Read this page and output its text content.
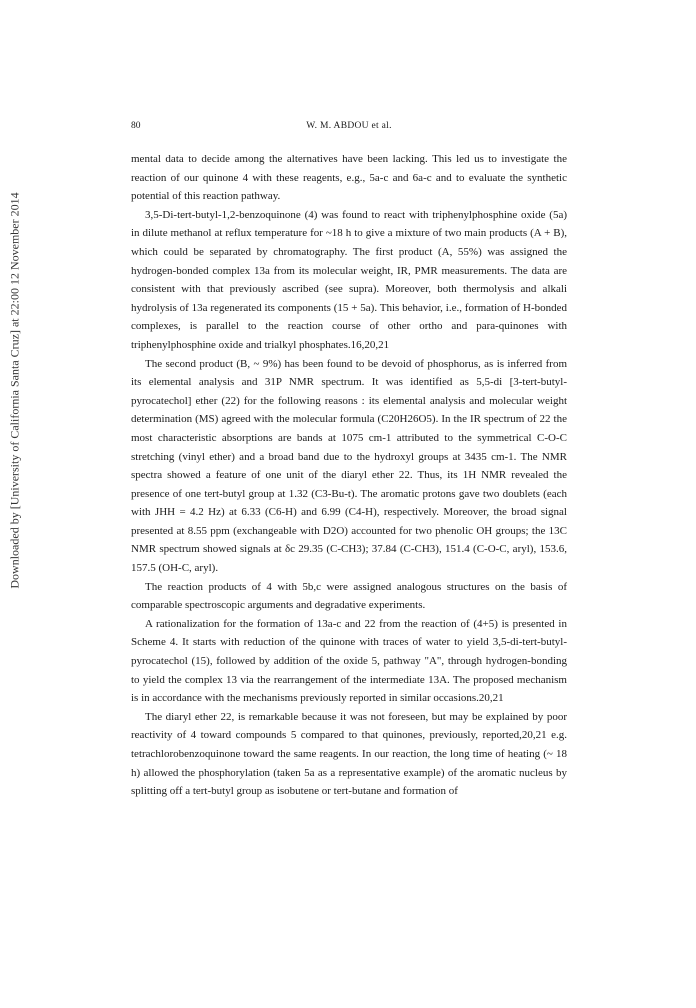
Downloaded by [University of California Santa Cruz] at 22:00 12 November 2014
80	W. M. ABDOU et al.

mental data to decide among the alternatives have been lacking. This led us to investigate the reaction of our quinone 4 with these reagents, e.g., 5a-c and 6a-c and to evaluate the synthetic potential of this reaction pathway.

3,5-Di-tert-butyl-1,2-benzoquinone (4) was found to react with triphenylphosphine oxide (5a) in dilute methanol at reflux temperature for ~18 h to give a mixture of two main products (A + B), which could be separated by chromatography. The first product (A, 55%) was assigned the hydrogen-bonded complex 13a from its molecular weight, IR, PMR measurements. The data are consistent with that previously ascribed (see supra). Moreover, both thermolysis and alkali hydrolysis of 13a regenerated its components (15 + 5a). This behavior, i.e., formation of H-bonded complexes, is parallel to the reaction course of other ortho and para-quinones with triphenylphosphine oxide and trialkyl phosphates.16,20,21

The second product (B, ~ 9%) has been found to be devoid of phosphorus, as is inferred from its elemental analysis and 31P NMR spectrum. It was identified as 5,5-di [3-tert-butyl-pyrocatechol] ether (22) for the following reasons : its elemental analysis and molecular weight determination (MS) agreed with the molecular formula (C20H26O5). In the IR spectrum of 22 the most characteristic absorptions are bands at 1075 cm-1 attributed to the symmetrical C-O-C stretching (vinyl ether) and a broad band due to the hydroxyl groups at 3435 cm-1. The NMR spectra showed a feature of one unit of the diaryl ether 22. Thus, its 1H NMR revealed the presence of one tert-butyl group at 1.32 (C3-Bu-t). The aromatic protons gave two doublets (each with JHH = 4.2 Hz) at 6.33 (C6-H) and 6.99 (C4-H), respectively. Moreover, the broad signal presented at 8.55 ppm (exchangeable with D2O) accounted for two phenolic OH groups; the 13C NMR spectrum showed signals at δc 29.35 (C-CH3); 37.84 (C-CH3), 151.4 (C-O-C, aryl), 153.6, 157.5 (OH-C, aryl).

The reaction products of 4 with 5b,c were assigned analogous structures on the basis of comparable spectroscopic arguments and degradative experiments.

A rationalization for the formation of 13a-c and 22 from the reaction of (4+5) is presented in Scheme 4. It starts with reduction of the quinone with traces of water to yield 3,5-di-tert-butyl-pyrocatechol (15), followed by addition of the oxide 5, pathway "A", through hydrogen-bonding to yield the complex 13 via the rearrangement of the intermediate 13A. The proposed mechanism is in accordance with the mechanisms previously reported in similar occasions.20,21

The diaryl ether 22, is remarkable because it was not foreseen, but may be explained by poor reactivity of 4 toward compounds 5 compared to that quinones, previously, reported,20,21 e.g. tetrachlorobenzoquinone toward the same reagents. In our reaction, the long time of heating (~ 18 h) allowed the phosphorylation (taken 5a as a representative example) of the aromatic nucleus by splitting off a tert-butyl group as isobutene or tert-butane and formation of
